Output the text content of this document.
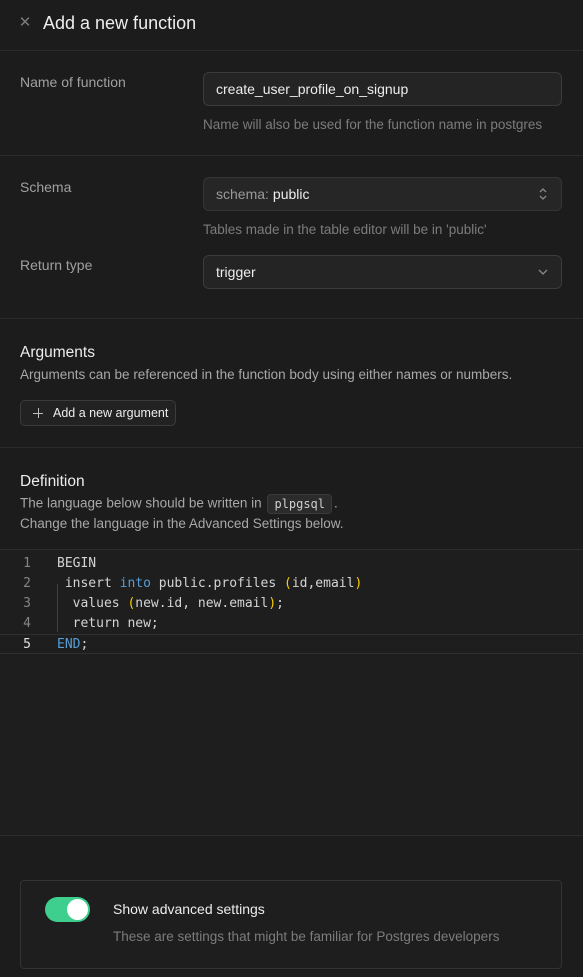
✕ Add a new function
Name of function	create_user_profile_on_signup
Name will also be used for the function name in postgres
Schema	schema: public
Tables made in the table editor will be in 'public'
Return type	trigger
Arguments
Arguments can be referenced in the function body using either names or numbers.
Add a new argument
Definition
The language below should be written in plpgsql .
Change the language in the Advanced Settings below.
1 BEGIN
2 insert into public.profiles (id,email)
3 values (new.id, new.email);
4 return new;
5 END;
Show advanced settings
These are settings that might be familiar for Postgres developers
